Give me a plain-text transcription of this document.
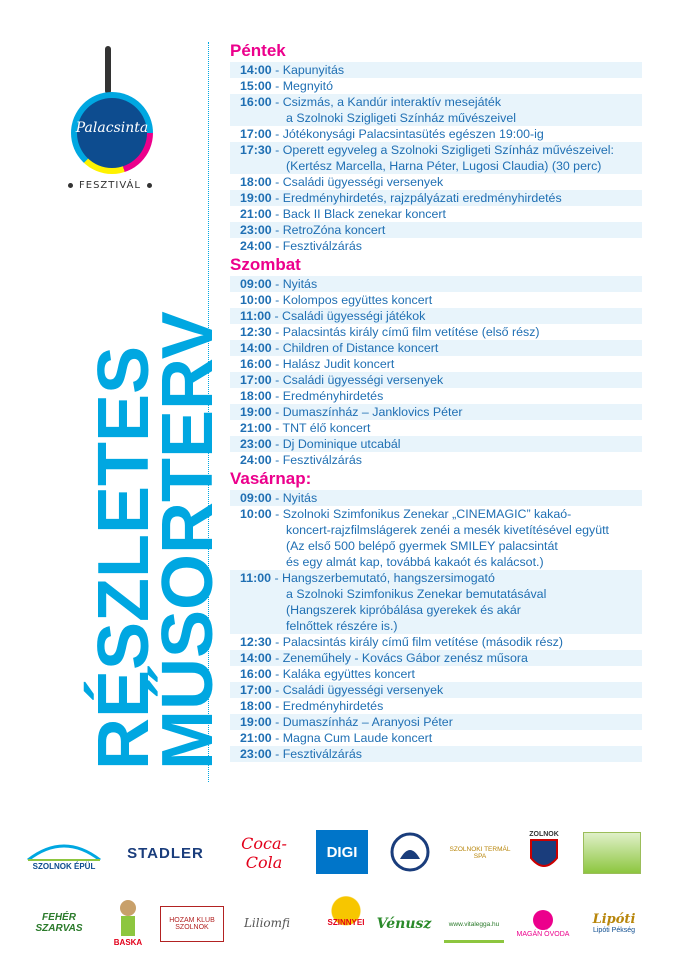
Palacsinta
FESZTIVÁL
RÉSZLETES
MŰSORTERV
Péntek
14:00 - Kapunyitás
15:00 - Megnyitó
16:00 - Csizmás, a Kandúr interaktív mesejáték
a Szolnoki Szigligeti Színház művészeivel
17:00 - Jótékonysági Palacsintasütés egészen 19:00-ig
17:30 - Operett egyveleg a Szolnoki Szigligeti Színház művészeivel:
(Kertész Marcella, Harna Péter, Lugosi Claudia) (30 perc)
18:00 - Családi ügyességi versenyek
19:00 - Eredményhirdetés, rajzpályázati eredményhirdetés
21:00 - Back II Black zenekar koncert
23:00 - RetroZóna koncert
24:00 - Fesztiválzárás
Szombat
09:00 - Nyitás
10:00 - Kolompos együttes koncert
11:00 - Családi ügyességi játékok
12:30 - Palacsintás király című film vetítése (első rész)
14:00 - Children of Distance koncert
16:00 - Halász Judit koncert
17:00 - Családi ügyességi versenyek
18:00 - Eredményhirdetés
19:00 - Dumaszínház – Janklovics Péter
21:00 - TNT élő koncert
23:00 - Dj Dominique utcabál
24:00 - Fesztiválzárás
Vasárnap:
09:00 - Nyitás
10:00 - Szolnoki Szimfonikus Zenekar „CINEMAGIC” kakaó-
koncert-rajzfilmslágerek zenéi a mesék kivetítésével együtt
(Az első 500 belépő gyermek SMILEY palacsintát
és egy almát kap, továbbá kakaót és kalácsot.)
11:00 - Hangszerbemutató, hangszersimogató
a Szolnoki Szimfonikus Zenekar bemutatásával
(Hangszerek kipróbálása gyerekek és akár
felnőttek részére is.)
12:30 - Palacsintás király című film vetítése (második rész)
14:00 - Zeneműhely - Kovács Gábor zenész műsora
16:00 - Kaláka együttes koncert
17:00 - Családi ügyességi versenyek
18:00 - Eredményhirdetés
19:00 - Dumaszínház – Aranyosi Péter
21:00 - Magna Cum Laude koncert
23:00 - Fesztiválzárás
SZOLNOK ÉPÜL
STADLER	Coca-Cola
DIGI	SZOLNOKI TERMÁL SPA
ZOLNOK
FEHÉR SZARVAS
BASKA
HOZAM KLUB SZOLNOK	Liliomfi	SZINNYEI Vénusz	www.vitalegga.hu
MAGÁN ÓVODA
Lipóti
Lipóti Pékség
